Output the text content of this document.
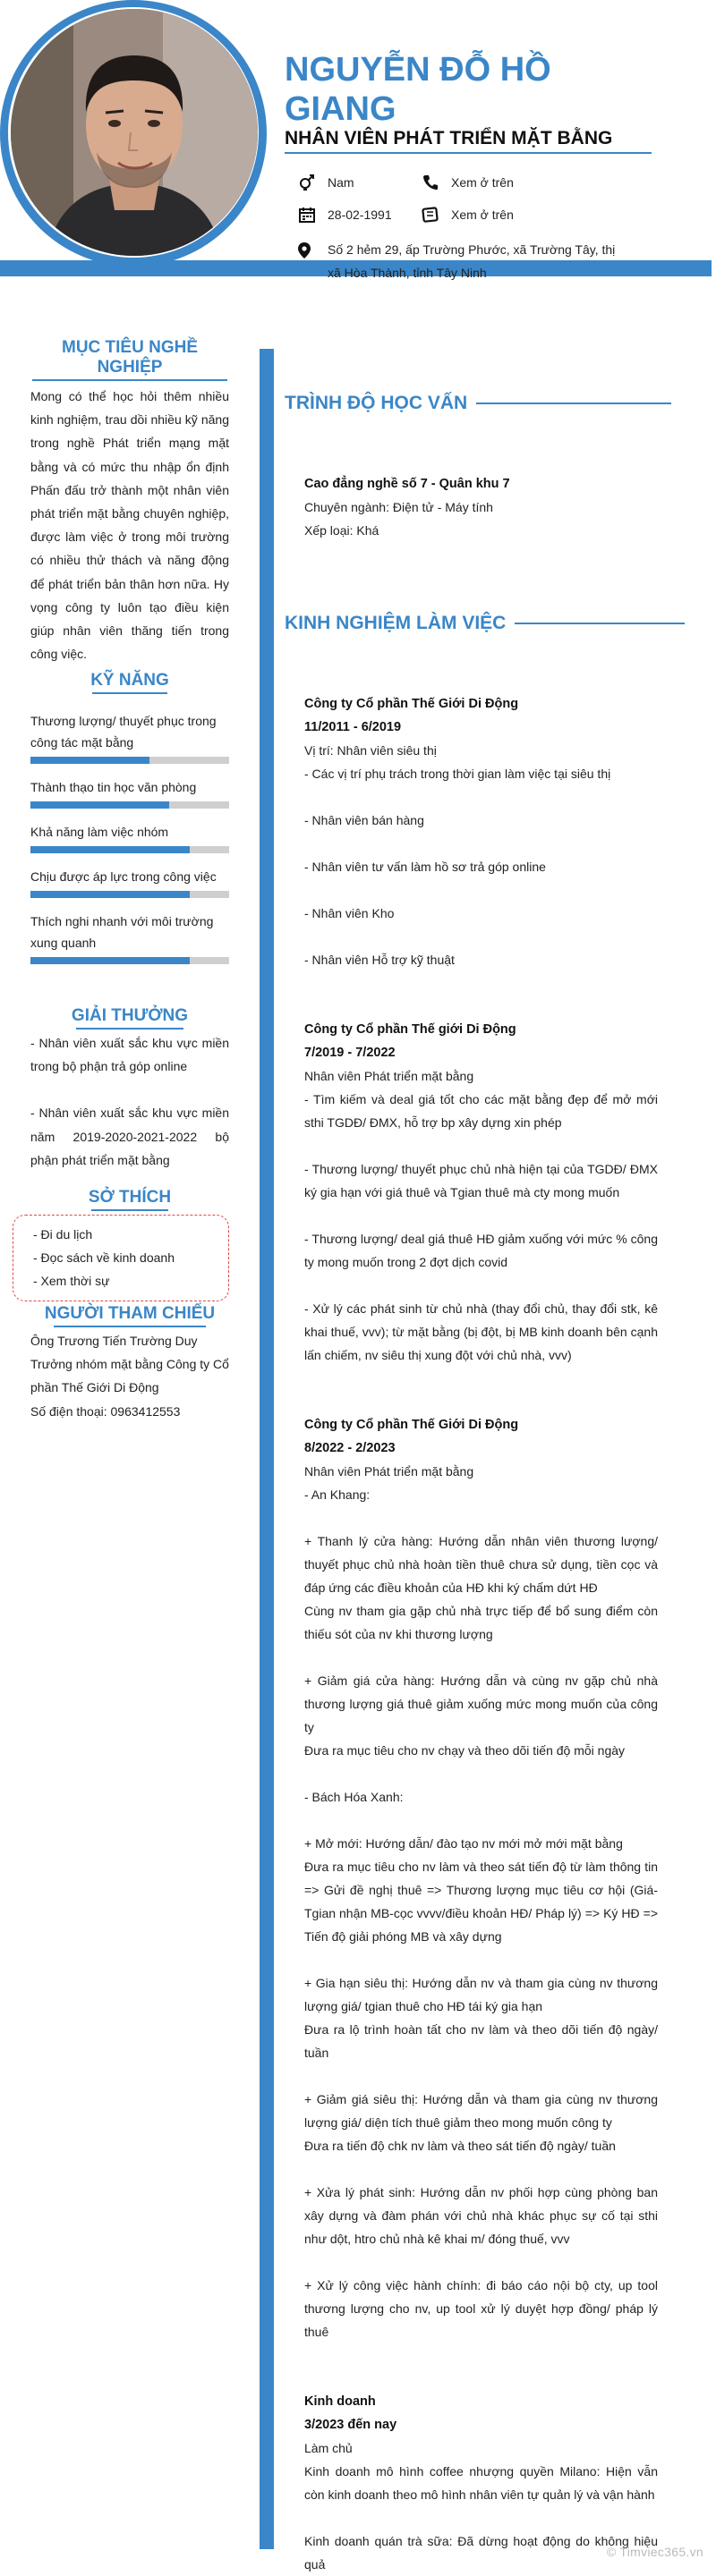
NGUYỄN ĐỖ HỒ GIANG
NHÂN VIÊN PHÁT TRIỂN MẶT BẰNG
Nam	Xem ở trên
28-02-1991	Xem ở trên
Số 2 hẻm 29, ấp Trường Phước, xã Trường Tây, thị xã Hòa Thành, tỉnh Tây Ninh
MỤC TIÊU NGHỀ NGHIỆP
Mong có thể học hỏi thêm nhiều kinh nghiệm, trau dồi nhiều kỹ năng trong nghề Phát triển mạng mặt bằng và có mức thu nhập ổn định Phấn đấu trở thành một nhân viên phát triển mặt bằng chuyên nghiệp, được làm việc ở trong môi trường có nhiều thử thách và năng động để phát triển bản thân hơn nữa. Hy vọng công ty luôn tạo điều kiện giúp nhân viên thăng tiến trong công việc.
KỸ NĂNG
Thương lượng/ thuyết phục trong công tác mặt bằng
Thành thạo tin học văn phòng
Khả năng làm việc nhóm
Chịu được áp lực trong công việc
Thích nghi nhanh với môi trường xung quanh
GIẢI THƯỞNG
- Nhân viên xuất sắc khu vực miền trong bộ phận trả góp online
- Nhân viên xuất sắc khu vực miền năm 2019-2020-2021-2022 bộ phận phát triển mặt bằng
SỞ THÍCH
- Đi du lịch
- Đọc sách về kinh doanh
- Xem thời sự
NGƯỜI THAM CHIẾU
Ông Trương Tiến Trường Duy
Trưởng nhóm mặt bằng Công ty Cổ phần Thế Giới Di Động
Số điện thoại: 0963412553
TRÌNH ĐỘ HỌC VẤN
Cao đẳng nghề số 7 - Quân khu 7
Chuyên ngành: Điện tử - Máy tính
Xếp loại: Khá
KINH NGHIỆM LÀM VIỆC
Công ty Cổ phần Thế Giới Di Động
11/2011 - 6/2019
Vị trí: Nhân viên siêu thị
- Các vị trí phụ trách trong thời gian làm việc tại siêu thị
- Nhân viên bán hàng
- Nhân viên tư vấn làm hồ sơ trả góp online
- Nhân viên Kho
- Nhân viên Hỗ trợ kỹ thuật
Công ty Cổ phần Thế giới Di Động
7/2019 - 7/2022
Nhân viên Phát triển mặt bằng
- Tìm kiếm và deal giá tốt cho các mặt bằng đẹp để mở mới sthi TGDĐ/ ĐMX, hỗ trợ bp xây dựng xin phép
- Thương lượng/ thuyết phục chủ nhà hiện tại của TGDĐ/ ĐMX ký gia hạn với giá thuê và Tgian thuê mà cty mong muốn
- Thương lượng/ deal giá thuê HĐ giảm xuống với mức % công ty mong muốn trong 2 đợt dịch covid
- Xử lý các phát sinh từ chủ nhà (thay đổi chủ, thay đổi stk, kê khai thuế, vvv); từ mặt bằng (bị đột, bị MB kinh doanh bên cạnh lấn chiếm, nv siêu thị xung đột với chủ nhà, vvv)
Công ty Cổ phần Thế Giới Di Động
8/2022 - 2/2023
Nhân viên Phát triển mặt bằng
- An Khang:
+ Thanh lý cửa hàng: Hướng dẫn nhân viên thương lượng/ thuyết phục chủ nhà hoàn tiền thuê chưa sử dụng, tiền cọc và đáp ứng các điều khoản của HĐ khi ký chấm dứt HĐ
Cùng nv tham gia gặp chủ nhà trực tiếp để bổ sung điểm còn thiếu sót của nv khi thương lượng
+ Giảm giá cửa hàng: Hướng dẫn và cùng nv gặp chủ nhà thương lượng giá thuê giảm xuống mức mong muốn của công ty
Đưa ra mục tiêu cho nv chạy và theo dõi tiến độ mỗi ngày
- Bách Hóa Xanh:
+ Mở mới: Hướng dẫn/ đào tạo nv mới mở mới mặt bằng
Đưa ra mục tiêu cho nv làm và theo sát tiến độ từ làm thông tin => Gửi đề nghị thuê => Thương lượng mục tiêu cơ hội (Giá-Tgian nhận MB-cọc vvvv/điều khoản HĐ/ Pháp lý) => Ký HĐ => Tiến độ giải phóng MB và xây dựng
+ Gia hạn siêu thị: Hướng dẫn nv và tham gia cùng nv thương lượng giá/ tgian thuê cho HĐ tái ký gia hạn
Đưa ra lộ trình hoàn tất cho nv làm và theo dõi tiến độ ngày/ tuần
+ Giảm giá siêu thị: Hướng dẫn và tham gia cùng nv thương lượng giá/ diện tích thuê giảm theo mong muốn công ty
Đưa ra tiến độ chk nv làm và theo sát tiến độ ngày/ tuần
+ Xửa lý phát sinh: Hướng dẫn nv phối hợp cùng phòng ban xây dựng và đàm phán với chủ nhà khác phục sự cố tại sthi như dột, htro chủ nhà kê khai m/ đóng thuế, vvv
+ Xử lý công việc hành chính: đi báo cáo nội bộ cty, up tool thương lượng cho nv, up tool xử lý duyệt hợp đồng/ pháp lý thuê
Kinh doanh
3/2023 đến nay
Làm chủ
Kinh doanh mô hình coffee nhượng quyền Milano: Hiện vẫn còn kinh doanh theo mô hình nhân viên tự quản lý và vận hành
Kinh doanh quán trà sữa: Đã dừng hoạt động do không hiệu quả
© Timviec365.vn
